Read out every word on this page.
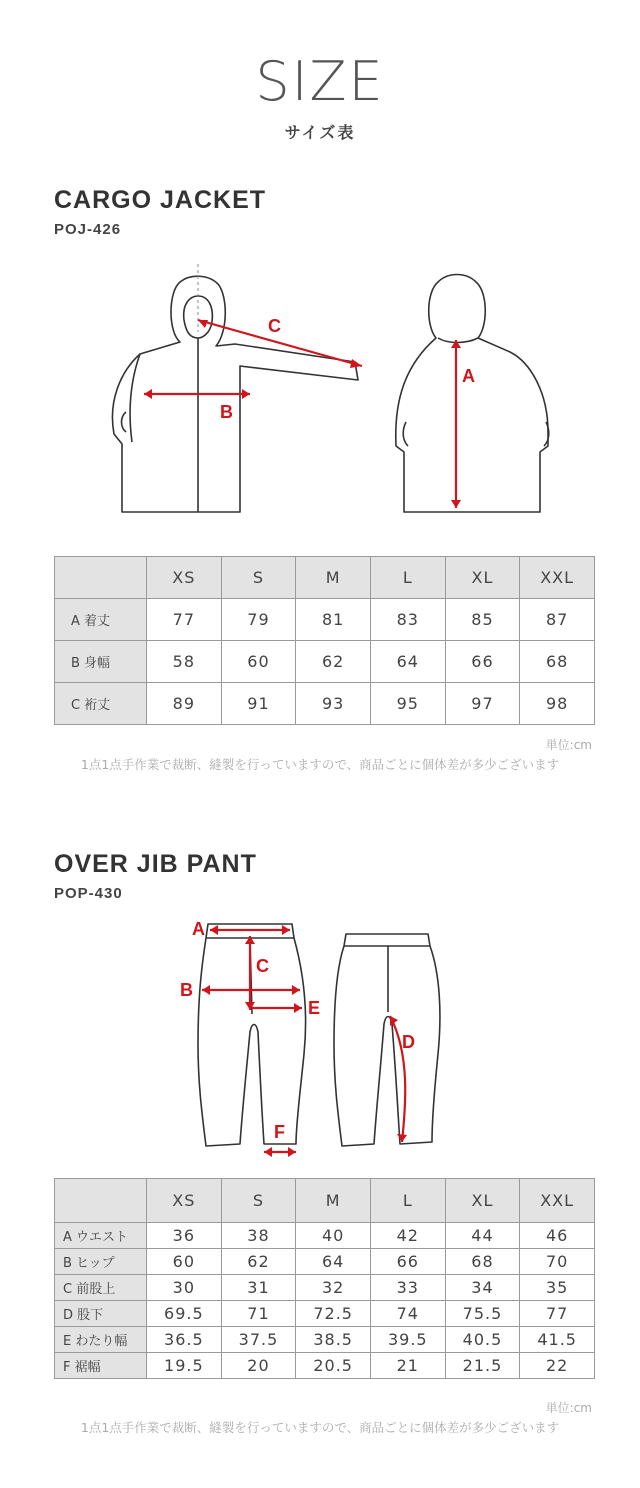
SIZE
サイズ表
CARGO JACKET
POJ-426
C
B
A
	XS	S	M	L	XL	XXL
A 着丈	77	79	81	83	85	87
B 身幅	58	60	62	64	66	68
C 裄丈	89	91	93	95	97	98
単位:cm
1点1点手作業で裁断、縫製を行っていますので、商品ごとに個体差が多少ございます
OVER JIB PANT
POP-430
A
B
C
D
E
F
	XS	S	M	L	XL	XXL
A ウエスト	36	38	40	42	44	46
B ヒップ	60	62	64	66	68	70
C 前股上	30	31	32	33	34	35
D 股下	69.5	71	72.5	74	75.5	77
E わたり幅	36.5	37.5	38.5	39.5	40.5	41.5
F 裾幅	19.5	20	20.5	21	21.5	22
単位:cm
1点1点手作業で裁断、縫製を行っていますので、商品ごとに個体差が多少ございます
